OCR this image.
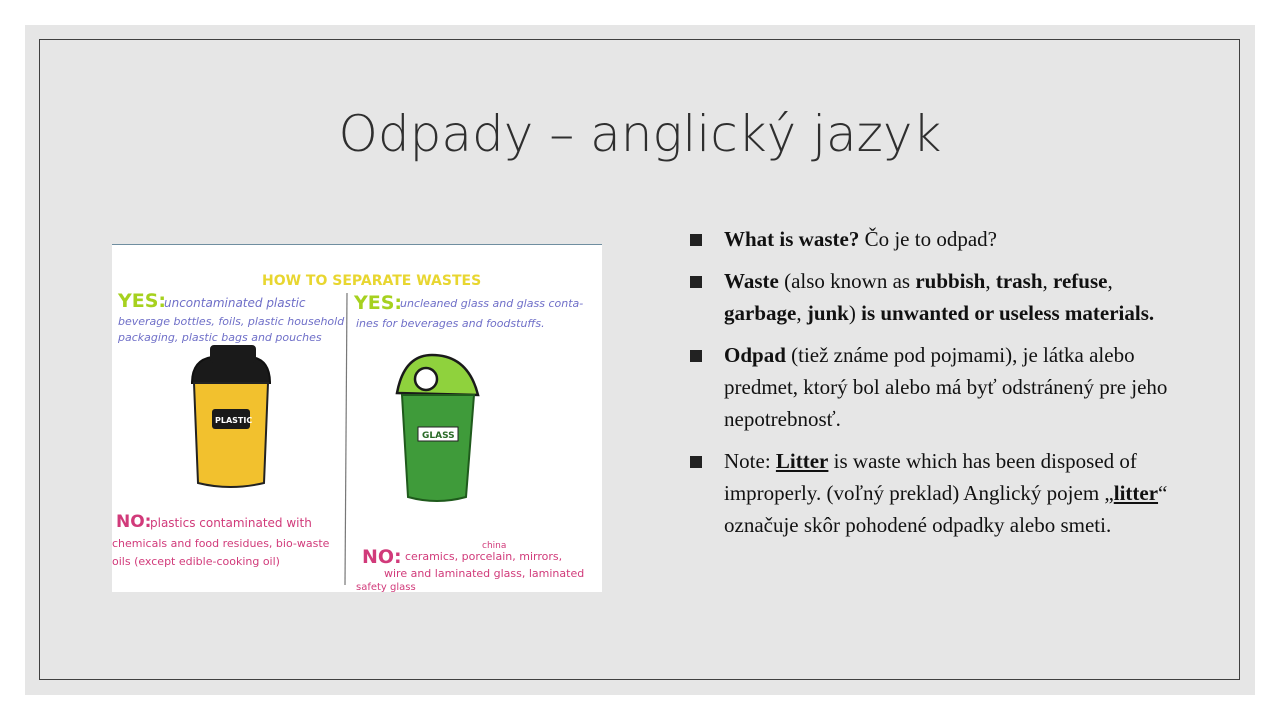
Odpady – anglický jazyk
HOW TO SEPARATE WASTES
YES:
uncontaminated plastic
beverage bottles, foils, plastic household
packaging, plastic bags and pouches
PLASTIC
NO:
plastics contaminated with
chemicals and food residues, bio-waste
oils (except edible-cooking oil)
YES:
uncleaned glass and glass conta-
ines for beverages and foodstuffs.
GLASS
china
NO: ceramics, porcelain, mirrors,
wire and laminated glass, laminated
safety glass
What is waste? Čo je to odpad?
Waste (also known as rubbish, trash, refuse, garbage, junk) is unwanted or useless materials.
Odpad (tiež známe pod pojmami), je látka alebo predmet, ktorý bol alebo má byť odstránený pre jeho nepotrebnosť.
Note: Litter is waste which has been disposed of improperly. (voľný preklad) Anglický pojem „litter“ označuje skôr pohodené odpadky alebo smeti.
